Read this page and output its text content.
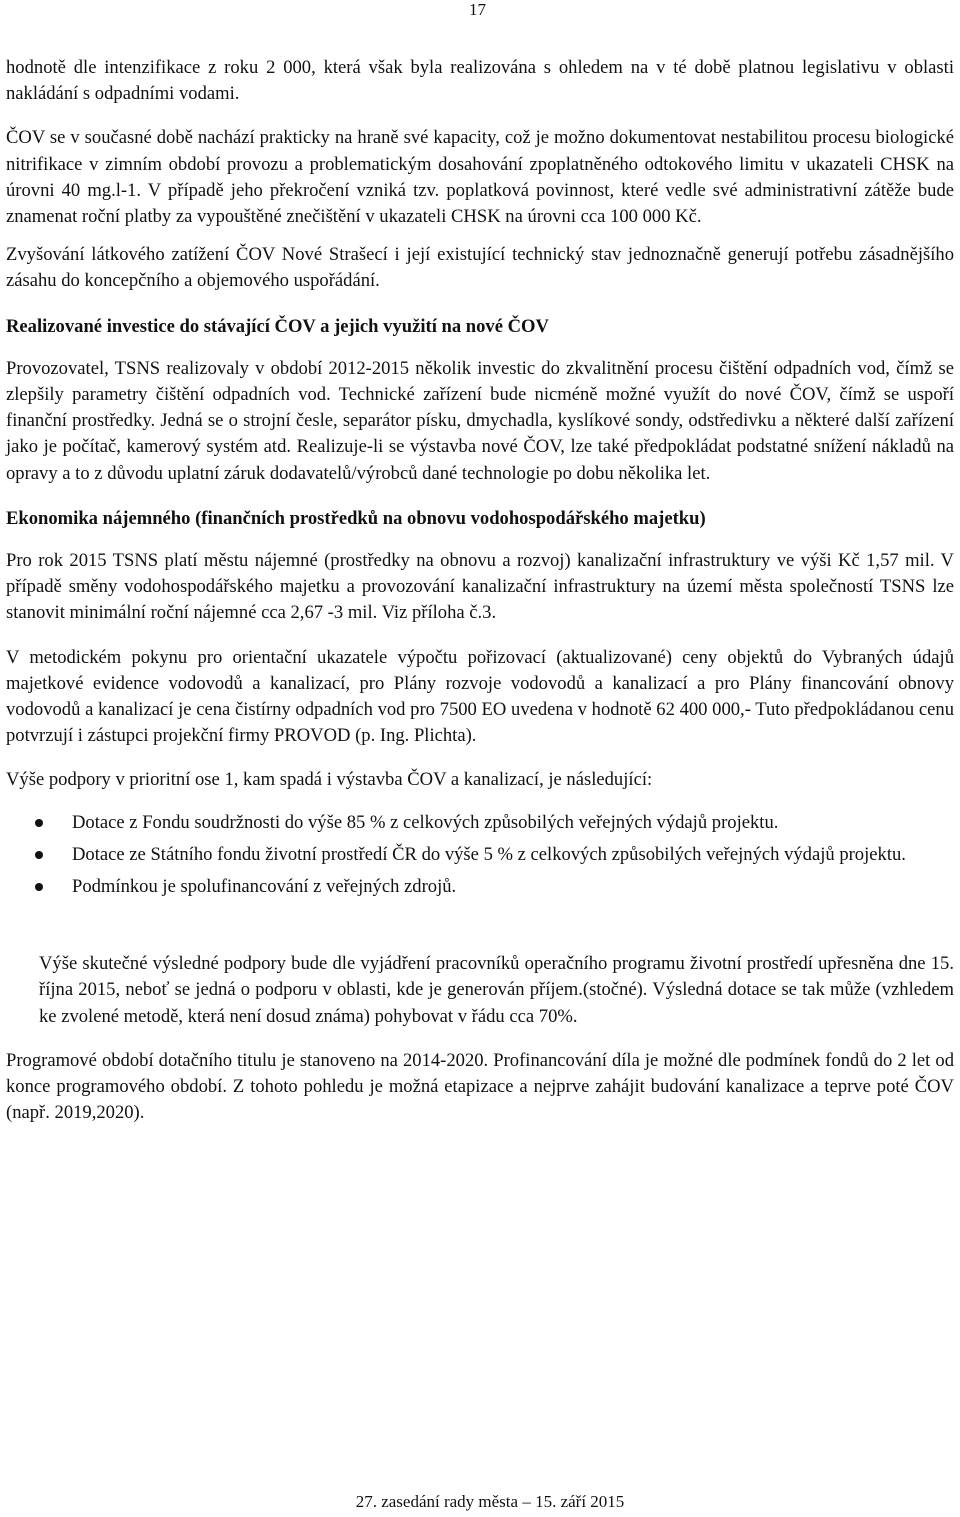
17

hodnotě dle intenzifikace z roku 2 000, která však byla realizována s ohledem na v té době platnou legislativu v oblasti nakládání s odpadními vodami.

ČOV se v současné době nachází prakticky na hraně své kapacity, což je možno dokumentovat nestabilitou procesu biologické nitrifikace v zimním období provozu a problematickým dosahování zpoplatněného odtokového limitu v ukazateli CHSK na úrovni 40 mg.l-1. V případě jeho překročení vzniká tzv. poplatková povinnost, které vedle své administrativní zátěže bude znamenat roční platby za vypouštěné znečištění v ukazateli CHSK na úrovni cca 100 000 Kč.

Zvyšování látkového zatížení ČOV Nové Strašecí i její existující technický stav jednoznačně generují potřebu zásadnějšího zásahu do koncepčního a objemového uspořádání.

Realizované investice do stávající ČOV a jejich využití na nové ČOV

Provozovatel, TSNS realizovaly v období 2012-2015 několik investic do zkvalitnění procesu čištění odpadních vod, čímž se zlepšily parametry čištění odpadních vod. Technické zařízení bude nicméně možné využít do nové ČOV, čímž se uspoří finanční prostředky. Jedná se o strojní česle, separátor písku, dmychadla, kyslíkové sondy, odstředivku a některé další zařízení jako je počítač, kamerový systém atd. Realizuje-li se výstavba nové ČOV, lze také předpokládat podstatné snížení nákladů na opravy a to z důvodu uplatní záruk dodavatelů/výrobců dané technologie po dobu několika let.

Ekonomika nájemného (finančních prostředků na obnovu vodohospodářského majetku)

Pro rok 2015 TSNS platí městu nájemné (prostředky na obnovu a rozvoj) kanalizační infrastruktury ve výši Kč 1,57 mil. V případě směny vodohospodářského majetku a provozování kanalizační infrastruktury na území města společností TSNS lze stanovit minimální roční nájemné cca 2,67 -3 mil. Viz příloha č.3.

V metodickém pokynu pro orientační ukazatele výpočtu pořizovací (aktualizované) ceny objektů do Vybraných údajů majetkové evidence vodovodů a kanalizací, pro Plány rozvoje vodovodů a kanalizací a pro Plány financování obnovy vodovodů a kanalizací je cena čistírny odpadních vod pro 7500 EO uvedena v hodnotě 62 400 000,- Tuto předpokládanou cenu potvrzují i zástupci projekční firmy PROVOD (p. Ing. Plichta).

Výše podpory v prioritní ose 1, kam spadá i výstavba ČOV a kanalizací, je následující:

Dotace z Fondu soudržnosti do výše 85 % z celkových způsobilých veřejných výdajů projektu.
Dotace ze Státního fondu životní prostředí ČR do výše 5 % z celkových způsobilých veřejných výdajů projektu.
Podmínkou je spolufinancování z veřejných zdrojů.

Výše skutečné výsledné podpory bude dle vyjádření pracovníků operačního programu životní prostředí upřesněna dne 15. října 2015, neboť se jedná o podporu v oblasti, kde je generován příjem.(stočné). Výsledná dotace se tak může (vzhledem ke zvolené metodě, která není dosud známa) pohybovat v řádu cca 70%.

Programové období dotačního titulu je stanoveno na 2014-2020. Profinancování díla je možné dle podmínek fondů do 2 let od konce programového období. Z tohoto pohledu je možná etapizace a nejprve zahájit budování kanalizace a teprve poté ČOV (např. 2019,2020).

27. zasedání rady města – 15. září 2015
